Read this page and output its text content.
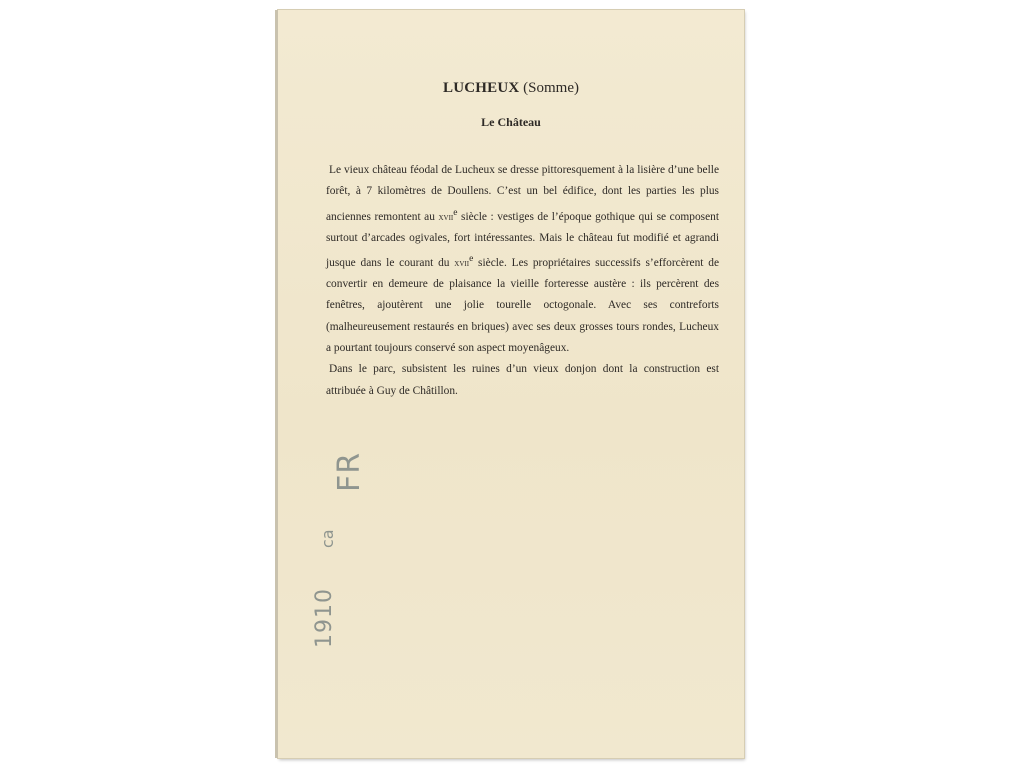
LUCHEUX (Somme)
Le Château

Le vieux château féodal de Lucheux se dresse pittoresquement à la lisière d’une belle forêt, à 7 kilomètres de Doullens. C’est un bel édifice, dont les parties les plus anciennes remontent au xvii$^e$ siècle : vestiges de l’époque gothique qui se composent surtout d’arcades ogivales, fort intéressantes. Mais le château fut modifié et agrandi jusque dans le courant du xvii$^e$ siècle. Les propriétaires successifs s’efforcèrent de convertir en demeure de plaisance la vieille forteresse austère : ils percèrent des fenêtres, ajoutèrent une jolie tourelle octogonale. Avec ses contreforts (malheureusement restaurés en briques) avec ses deux grosses tours rondes, Lucheux a pourtant toujours conservé son aspect moyenâgeux.

Dans le parc, subsistent les ruines d’un vieux donjon dont la construction est attribuée à Guy de Châtillon.

FR
ca
1910
